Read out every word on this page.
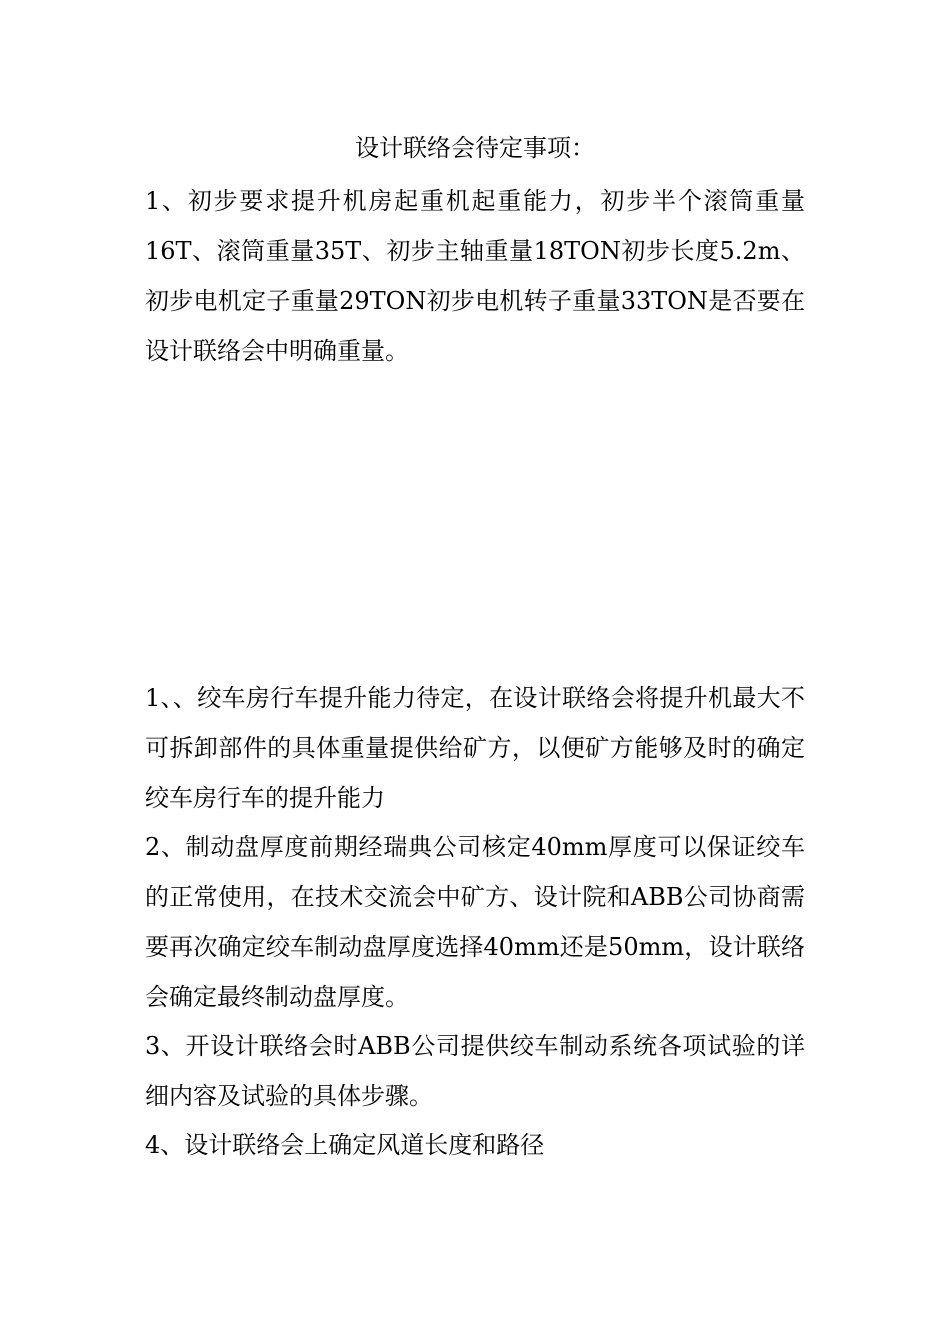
设计联络会待定事项：

1、初步要求提升机房起重机起重能力，初步半个滚筒重量16T、滚筒重量35T、初步主轴重量18TON初步长度5.2m、初步电机定子重量29TON初步电机转子重量33TON是否要在设计联络会中明确重量。

1、、绞车房行车提升能力待定，在设计联络会将提升机最大不可拆卸部件的具体重量提供给矿方，以便矿方能够及时的确定绞车房行车的提升能力

2、制动盘厚度前期经瑞典公司核定40mm厚度可以保证绞车的正常使用，在技术交流会中矿方、设计院和ABB公司协商需要再次确定绞车制动盘厚度选择40mm还是50mm，设计联络会确定最终制动盘厚度。

3、开设计联络会时ABB公司提供绞车制动系统各项试验的详细内容及试验的具体步骤。

4、设计联络会上确定风道长度和路径
